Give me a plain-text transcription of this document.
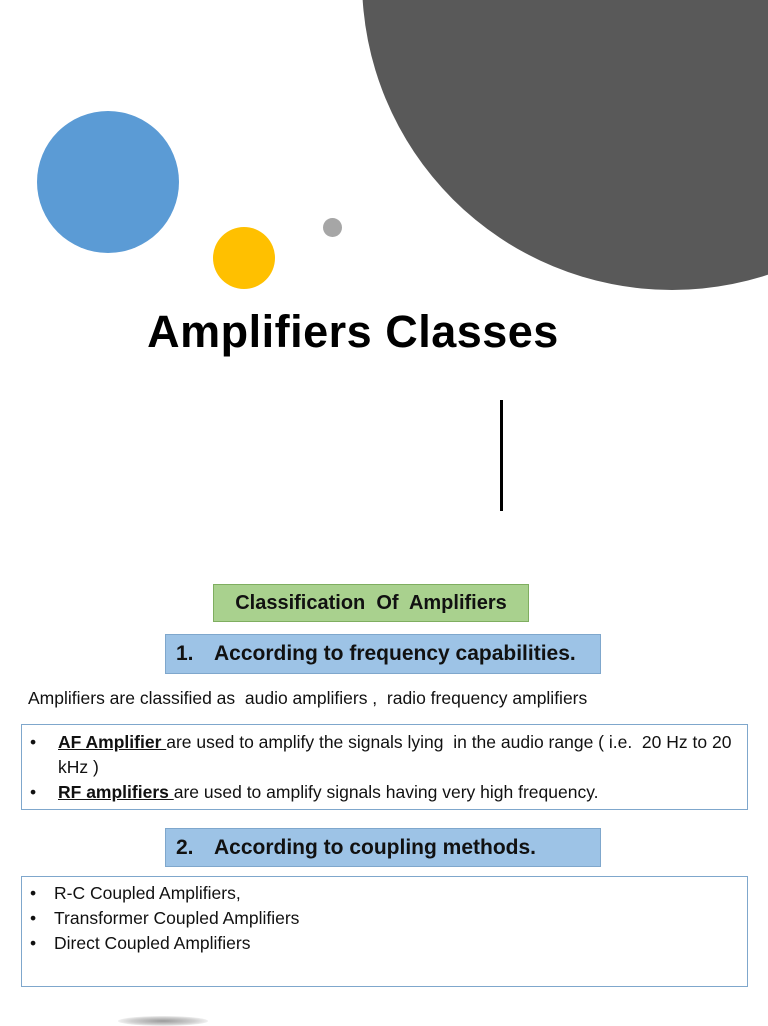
Amplifiers Classes
Classification  Of  Amplifiers
1. According to frequency capabilities.
Amplifiers are classified as  audio amplifiers ,  radio frequency amplifiers
•	AF Amplifier are used to amplify the signals lying  in the audio range ( i.e.  20 Hz to 20 kHz )
•	RF amplifiers are used to amplify signals having very high frequency.
2. According to coupling methods.
•	R-C Coupled Amplifiers,
•	Transformer Coupled Amplifiers
•	Direct Coupled Amplifiers
